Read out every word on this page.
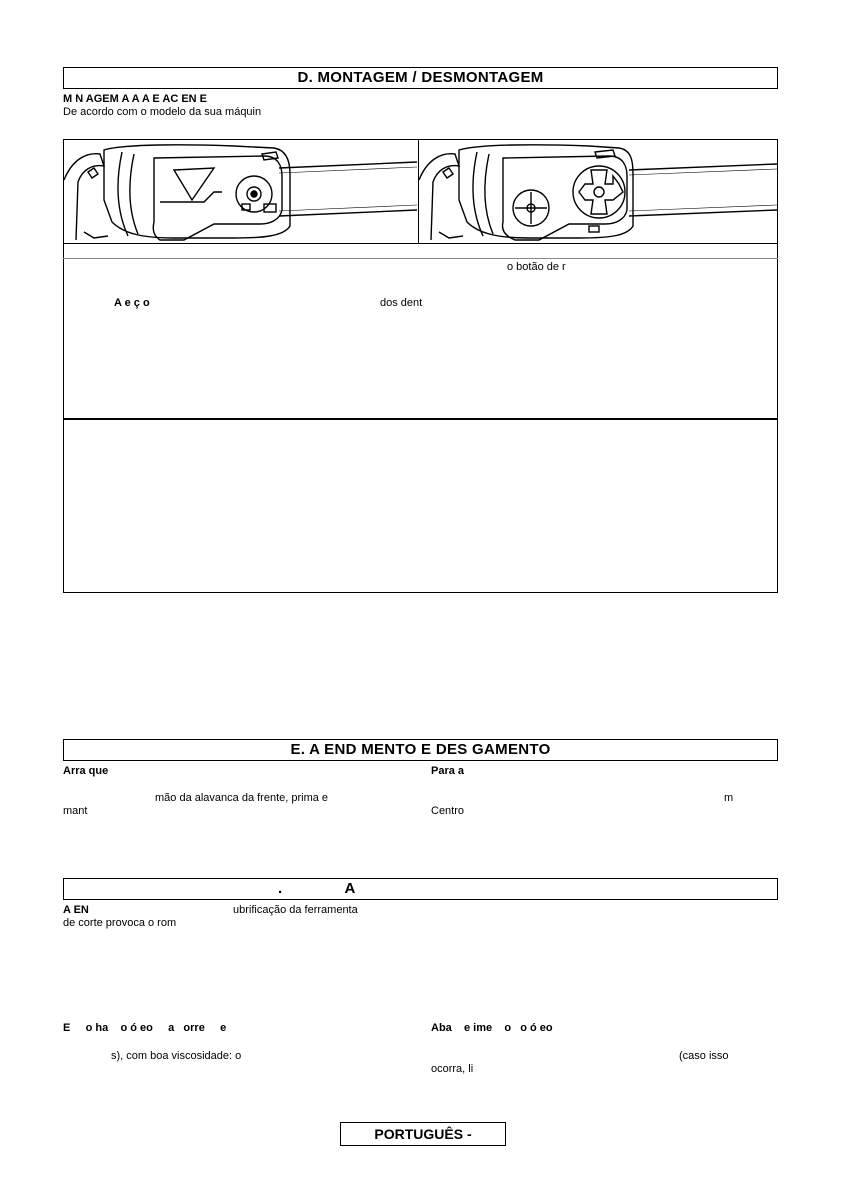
D. MONTAGEM / DESMONTAGEM
M N AGEM A A A E AC EN E
De acordo com o modelo da sua máquin
o botão de r
A e ç o	dos dent
E. A END MENTO E DES GAMENTO
Arra que
mão da alavanca da frente, prima e
mant
Para a
m
Centro
.              A
A EN	ubrificação da ferramenta
de corte provoca o rom
E     o ha    o ó eo     a   orre     e
s), com boa viscosidade: o
Aba    e ime    o   o ó eo
(caso isso
ocorra, li
PORTUGUÊS -
